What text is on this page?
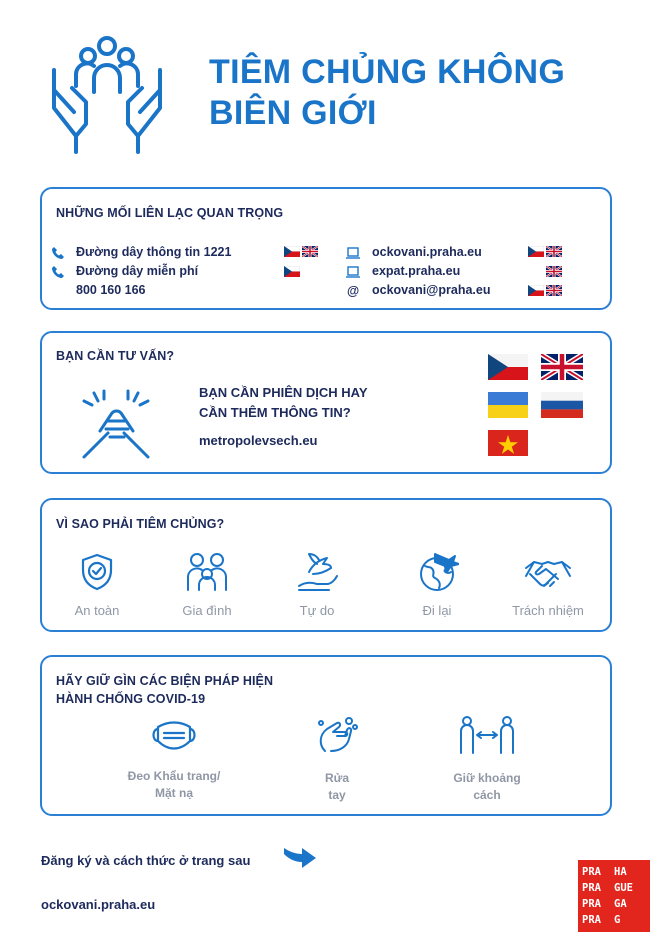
TIÊM CHỦNG KHÔNG
BIÊN GIỚI
NHỮNG MỐI LIÊN LẠC QUAN TRỌNG
Đường dây thông tin 1221
Đường dây miễn phí
800 160 166
ockovani.praha.eu
expat.praha.eu
@ ockovani@praha.eu
BẠN CẦN TƯ VẤN?
BẠN CẦN PHIÊN DỊCH HAY
CẦN THÊM THÔNG TIN?
metropolevsech.eu
VÌ SAO PHẢI TIÊM CHỦNG?
An toàn	Gia đình	Tự do	Đi lại	Trách nhiệm
HÃY GIỮ GÌN CÁC BIỆN PHÁP HIỆN
HÀNH CHỐNG COVID-19
Đeo Khẩu trang/
Mặt nạ
Rửa
tay
Giữ khoảng
cách
Đăng ký và cách thức ở trang sau
ockovani.praha.eu
PRA	HA
PRA	GUE
PRA	GA
PRA	G
